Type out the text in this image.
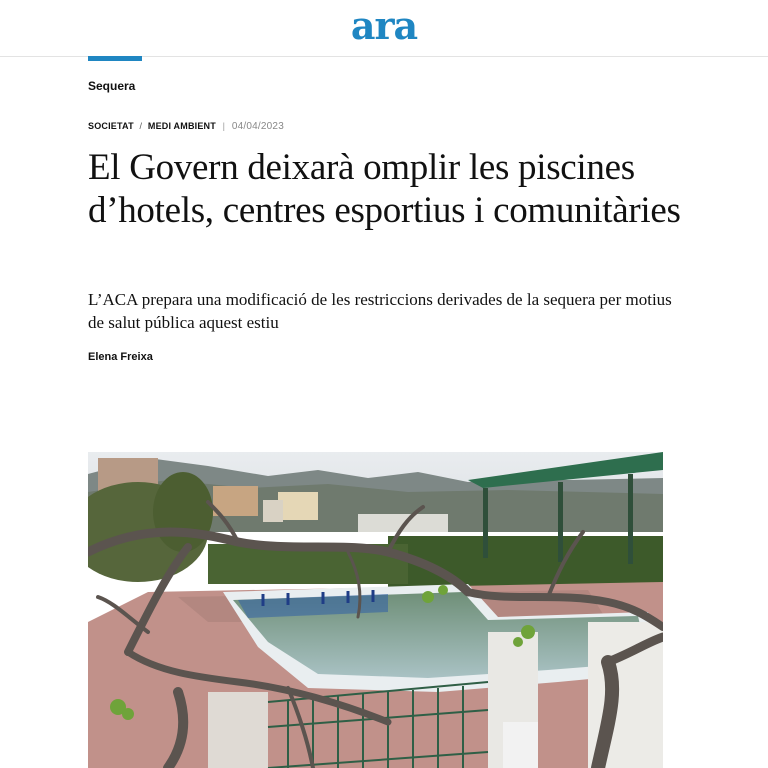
ara
Sequera
SOCIETAT / MEDI AMBIENT | 04/04/2023
El Govern deixarà omplir les piscines d’hotels, centres esportius i comunitàries

L’ACA prepara una modificació de les restriccions derivades de la sequera per motius de salut pública aquest estiu

Elena Freixa
